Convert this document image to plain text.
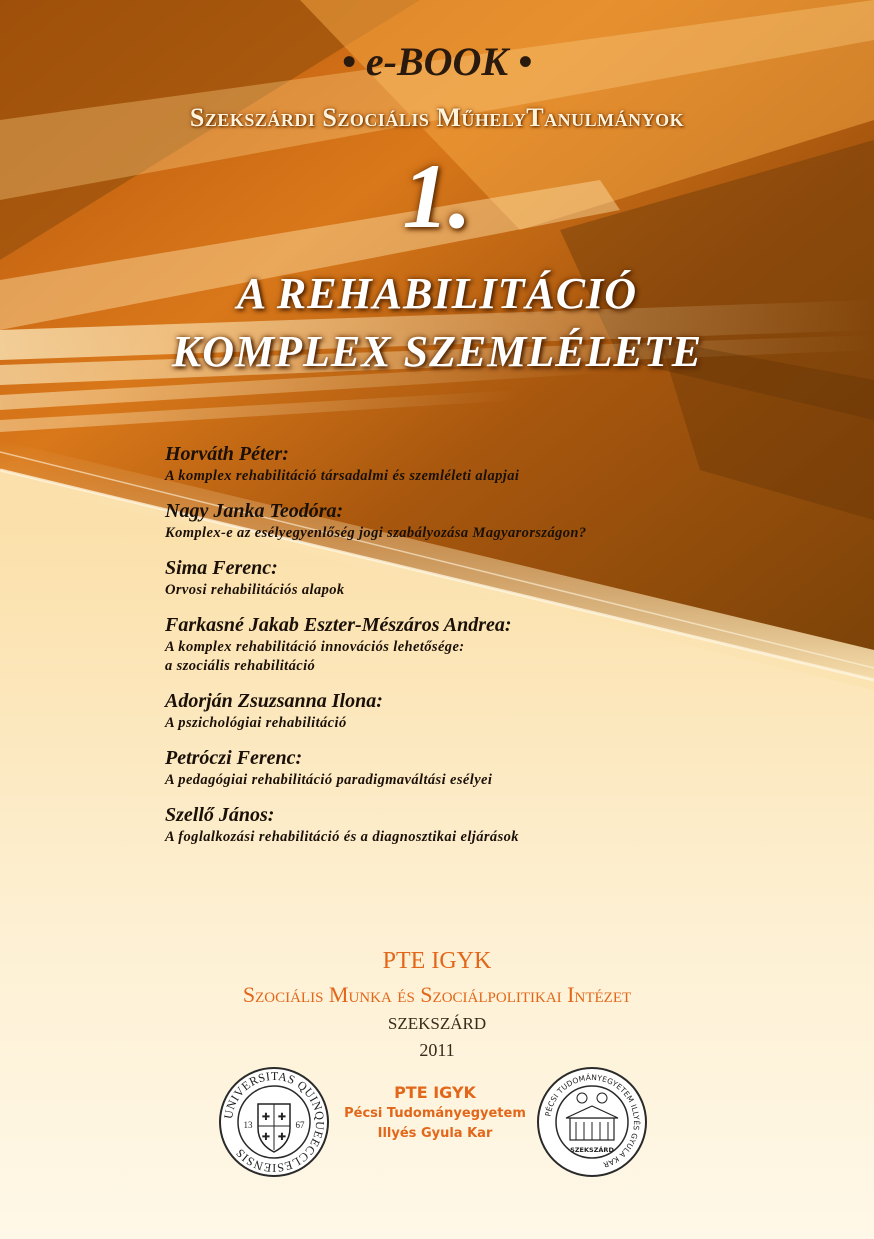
• e-BOOK •
Szekszárdi Szociális MűhelyTanulmányok
1.
A REHABILITÁCIÓ
KOMPLEX SZEMLÉLETE
Horváth Péter:
A komplex rehabilitáció társadalmi és szemléleti alapjai
Nagy Janka Teodóra:
Komplex-e az esélyegyenlőség jogi szabályozása Magyarországon?
Sima Ferenc:
Orvosi rehabilitációs alapok
Farkasné Jakab Eszter-Mészáros Andrea:
A komplex rehabilitáció innovációs lehetősége:
a szociális rehabilitáció
Adorján Zsuzsanna Ilona:
A pszichológiai rehabilitáció
Petróczi Ferenc:
A pedagógiai rehabilitáció paradigmaváltási esélyei
Szellő János:
A foglalkozási rehabilitáció és a diagnosztikai eljárások
PTE IGYK
Szociális Munka és Szociálpolitikai Intézet
SZEKSZÁRD
2011
UNIVERSITAS QUINQUEECCLESIENSIS
✚ ✚
✚ ✚
13	67
PTE IGYK
Pécsi Tudományegyetem
Illyés Gyula Kar
PÉCSI TUDOMÁNYEGYETEM ILLYÉS GYULA KAR
SZEKSZÁRD
